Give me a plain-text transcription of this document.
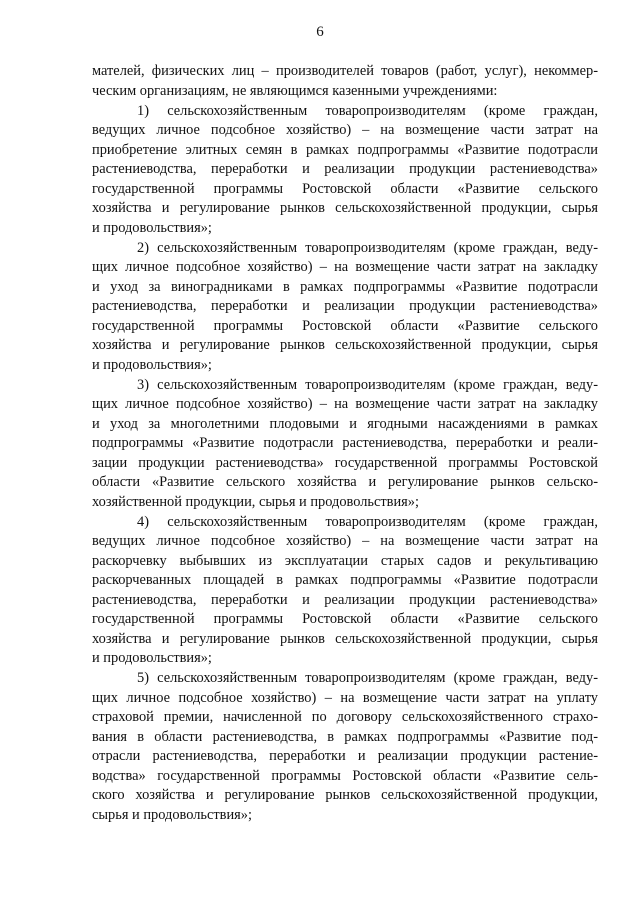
6
мателей, физических лиц – производителей товаров (работ, услуг), некоммер-
ческим организациям, не являющимся казенными учреждениями:
1) сельскохозяйственным товаропроизводителям (кроме граждан,
ведущих личное подсобное хозяйство) – на возмещение части затрат на
приобретение элитных семян в рамках подпрограммы «Развитие подотрасли
растениеводства, переработки и реализации продукции растениеводства»
государственной программы Ростовской области «Развитие сельского
хозяйства и регулирование рынков сельскохозяйственной продукции, сырья
и продовольствия»;
2) сельскохозяйственным товаропроизводителям (кроме граждан, веду-
щих личное подсобное хозяйство) – на возмещение части затрат на закладку
и уход за виноградниками в рамках подпрограммы «Развитие подотрасли
растениеводства, переработки и реализации продукции растениеводства»
государственной программы Ростовской области «Развитие сельского
хозяйства и регулирование рынков сельскохозяйственной продукции, сырья
и продовольствия»;
3) сельскохозяйственным товаропроизводителям (кроме граждан, веду-
щих личное подсобное хозяйство) – на возмещение части затрат на закладку
и уход за многолетними плодовыми и ягодными насаждениями в рамках
подпрограммы «Развитие подотрасли растениеводства, переработки и реали-
зации продукции растениеводства» государственной программы Ростовской
области «Развитие сельского хозяйства и регулирование рынков сельско-
хозяйственной продукции, сырья и продовольствия»;
4) сельскохозяйственным товаропроизводителям (кроме граждан,
ведущих личное подсобное хозяйство) – на возмещение части затрат на
раскорчевку выбывших из эксплуатации старых садов и рекультивацию
раскорчеванных площадей в рамках подпрограммы «Развитие подотрасли
растениеводства, переработки и реализации продукции растениеводства»
государственной программы Ростовской области «Развитие сельского
хозяйства и регулирование рынков сельскохозяйственной продукции, сырья
и продовольствия»;
5) сельскохозяйственным товаропроизводителям (кроме граждан, веду-
щих личное подсобное хозяйство) – на возмещение части затрат на уплату
страховой премии, начисленной по договору сельскохозяйственного страхо-
вания в области растениеводства, в рамках подпрограммы «Развитие под-
отрасли растениеводства, переработки и реализации продукции растение-
водства» государственной программы Ростовской области «Развитие сель-
ского хозяйства и регулирование рынков сельскохозяйственной продукции,
сырья и продовольствия»;
